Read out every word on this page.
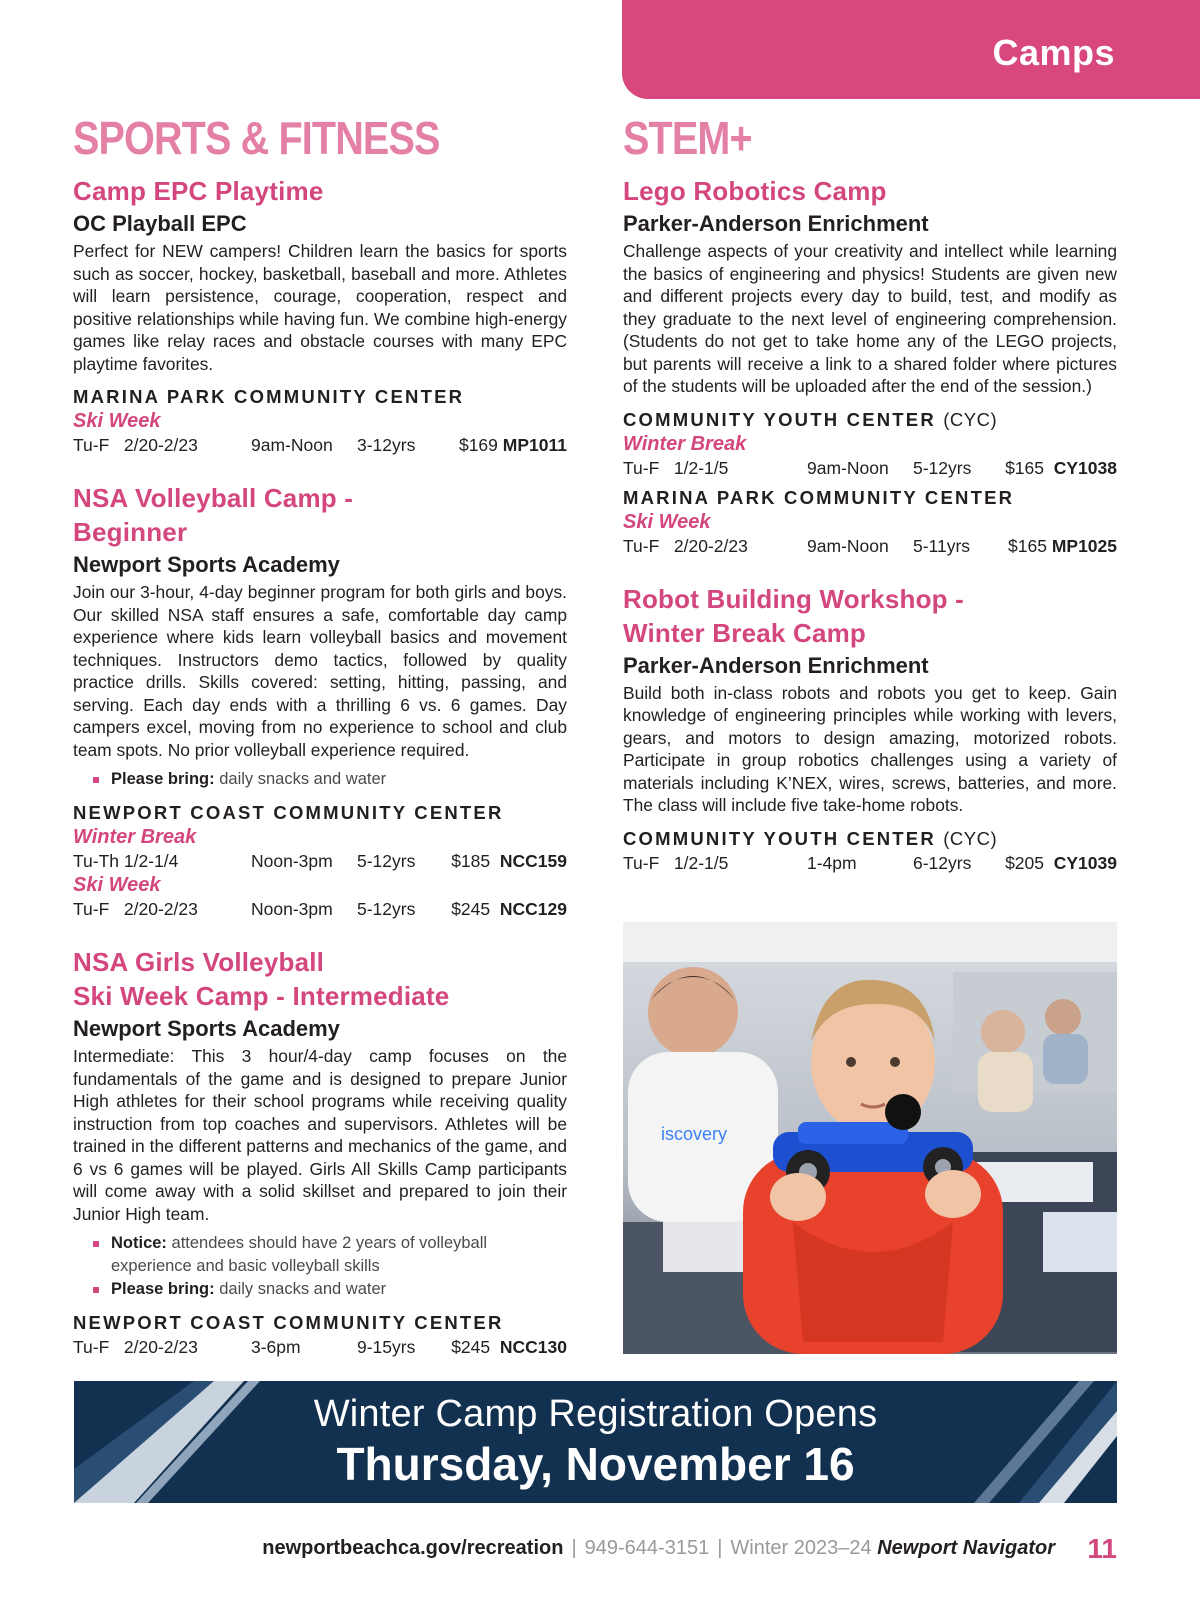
Camps
SPORTS & FITNESS
Camp EPC Playtime
OC Playball EPC

Perfect for NEW campers! Children learn the basics for sports such as soccer, hockey, basketball, baseball and more. Athletes will learn persistence, courage, cooperation, respect and positive relationships while having fun. We combine high-energy games like relay races and obstacle courses with many EPC playtime favorites.

MARINA PARK COMMUNITY CENTER
Ski Week
Tu-F 2/20-2/23	9am-Noon	3-12yrs	$169 MP1011
NSA Volleyball Camp -
Beginner
Newport Sports Academy

Join our 3-hour, 4-day beginner program for both girls and boys. Our skilled NSA staff ensures a safe, comfortable day camp experience where kids learn volleyball basics and movement techniques. Instructors demo tactics, followed by quality practice drills. Skills covered: setting, hitting, passing, and serving. Each day ends with a thrilling 6 vs. 6 games. Day campers excel, moving from no experience to school and club team spots. No prior volleyball experience required.

Please bring: daily snacks and water
NEWPORT COAST COMMUNITY CENTER
Winter Break
Tu-Th 1/2-1/4	Noon-3pm	5-12yrs	$185 NCC159
Ski Week
Tu-F 2/20-2/23	Noon-3pm	5-12yrs	$245 NCC129
NSA Girls Volleyball
Ski Week Camp - Intermediate
Newport Sports Academy

Intermediate: This 3 hour/4-day camp focuses on the fundamentals of the game and is designed to prepare Junior High athletes for their school programs while receiving quality instruction from top coaches and supervisors. Athletes will be trained in the different patterns and mechanics of the game, and 6 vs 6 games will be played. Girls All Skills Camp participants will come away with a solid skillset and prepared to join their Junior High team.

Notice: attendees should have 2 years of volleyball experience and basic volleyball skills
Please bring: daily snacks and water
NEWPORT COAST COMMUNITY CENTER
Tu-F 2/20-2/23	3-6pm	9-15yrs	$245 NCC130
STEM+
Lego Robotics Camp
Parker-Anderson Enrichment

Challenge aspects of your creativity and intellect while learning the basics of engineering and physics! Students are given new and different projects every day to build, test, and modify as they graduate to the next level of engineering comprehension. (Students do not get to take home any of the LEGO projects, but parents will receive a link to a shared folder where pictures of the students will be uploaded after the end of the session.)

COMMUNITY YOUTH CENTER (CYC)
Winter Break
Tu-F 1/2-1/5	9am-Noon	5-12yrs	$165 CY1038
MARINA PARK COMMUNITY CENTER
Ski Week
Tu-F 2/20-2/23	9am-Noon	5-11yrs	$165 MP1025
Robot Building Workshop -
Winter Break Camp
Parker-Anderson Enrichment

Build both in-class robots and robots you get to keep. Gain knowledge of engineering principles while working with levers, gears, and motors to design amazing, motorized robots. Participate in group robotics challenges using a variety of materials including K’NEX, wires, screws, batteries, and more. The class will include five take-home robots.

COMMUNITY YOUTH CENTER (CYC)
Tu-F 1/2-1/5	1-4pm	6-12yrs	$205 CY1039
iscovery
Winter Camp Registration Opens
Thursday, November 16
newportbeachca.gov/recreation | 949-644-3151 | Winter 2023–24 Newport Navigator 11
